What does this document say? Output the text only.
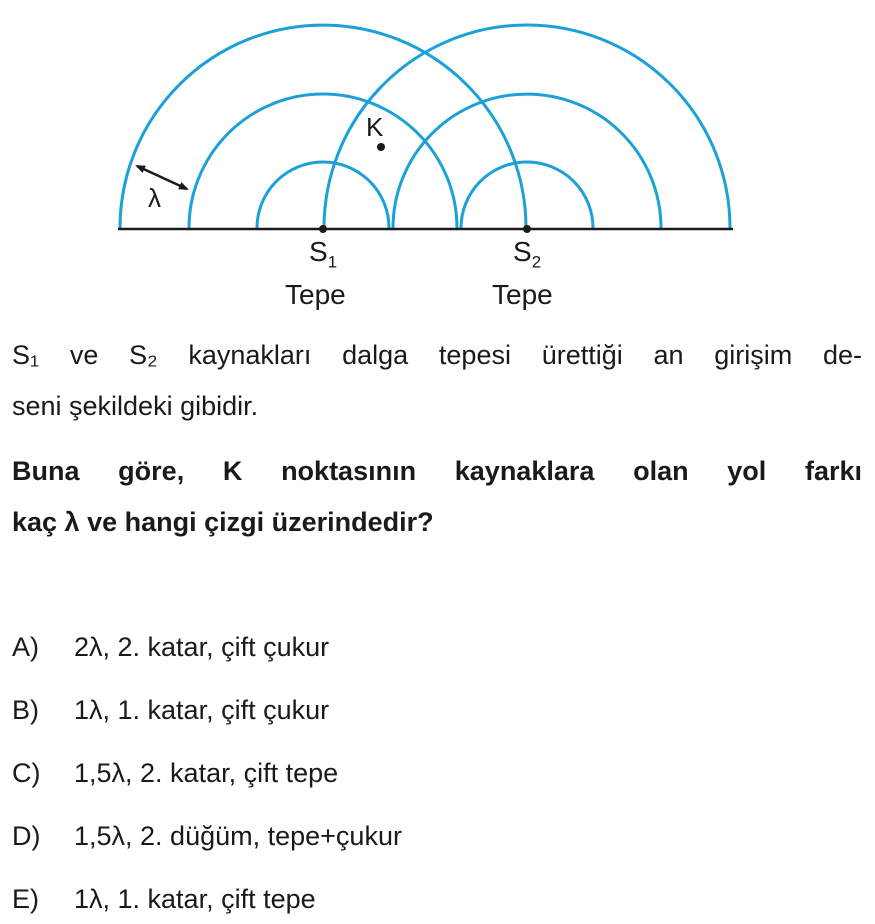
K
λ
$S_1$
Tepe
$S_2$
Tepe
S₁ ve S₂ kaynakları dalga tepesi ürettiği an girişim de-
seni şekildeki gibidir.
Buna göre, K noktasının kaynaklara olan yol farkı
kaç λ ve hangi çizgi üzerindedir?
A) 2λ, 2. katar, çift çukur
B) 1λ, 1. katar, çift çukur
C) 1,5λ, 2. katar, çift tepe
D) 1,5λ, 2. düğüm, tepe+çukur
E) 1λ, 1. katar, çift tepe
